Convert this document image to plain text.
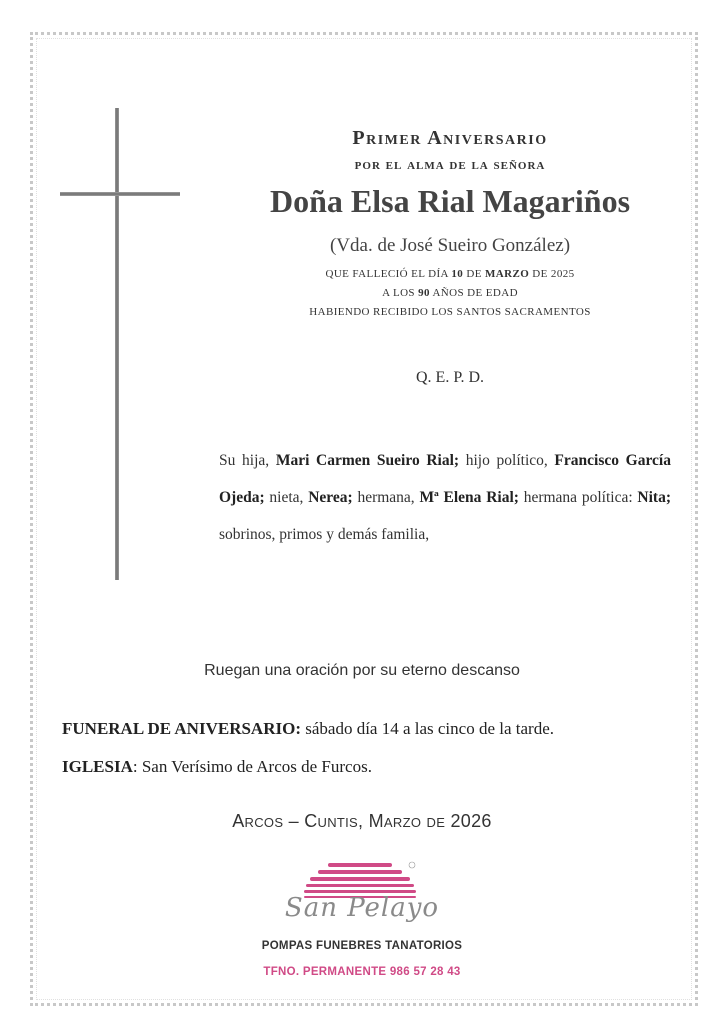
Primer Aniversario
por el alma de la señora
Doña Elsa Rial Magariños
(Vda. de José Sueiro González)
QUE FALLECIÓ EL DÍA 10 DE MARZO DE 2025
A LOS 90 AÑOS DE EDAD
HABIENDO RECIBIDO LOS SANTOS SACRAMENTOS
Q. E. P. D.
Su hija, Mari Carmen Sueiro Rial; hijo político, Francisco García Ojeda; nieta, Nerea; hermana, Mª Elena Rial; hermana política: Nita; sobrinos, primos y demás familia,
Ruegan una oración por su eterno descanso
FUNERAL DE ANIVERSARIO: sábado día 14 a las cinco de la tarde.
IGLESIA: San Verísimo de Arcos de Furcos.
Arcos – Cuntis, Marzo de 2026
San Pelayo
POMPAS FUNEBRES TANATORIOS
TFNO. PERMANENTE 986 57 28 43
